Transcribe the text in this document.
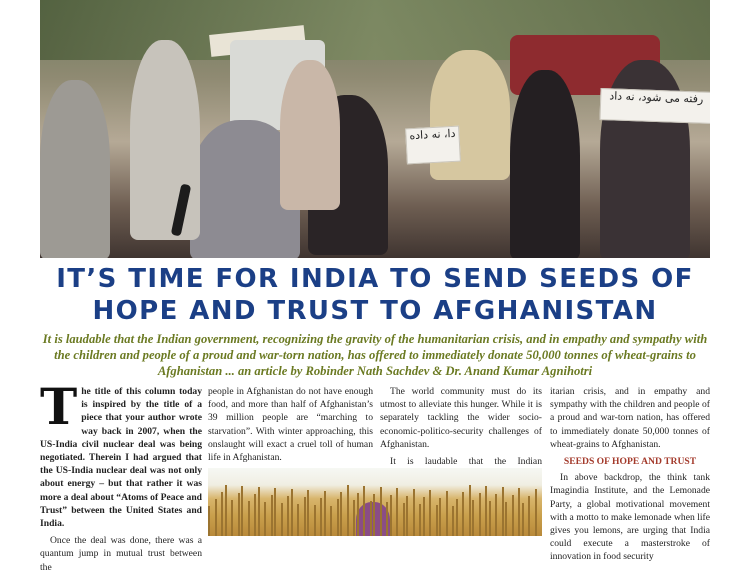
دا، نه داده
رفته می شود، نه داد
IT’S TIME FOR INDIA TO SEND SEEDS OF
HOPE AND TRUST TO AFGHANISTAN
It is laudable that the Indian government, recognizing the gravity of the humanitarian crisis, and in empathy and sympathy with the children and people of a proud and war-torn nation, has offered to immediately donate 50,000 tonnes of wheat-grains to Afghanistan ... an article by Robinder Nath Sachdev & Dr. Anand Kumar Agnihotri

The title of this column today is inspired by the title of a piece that your author wrote way back in 2007, when the US-India civil nuclear deal was being negotiated. Therein I had argued that the US-India nuclear deal was not only about energy – but that rather it was more a deal about “Atoms of Peace and Trust” between the United States and India.

Once the deal was done, there was a quantum jump in mutual trust between the

people in Afghanistan do not have enough food, and more than half of Afghanistan’s 39 million people are “marching to starvation”. With winter approaching, this onslaught will exact a cruel toll of human life in Afghanistan.

The world community must do its utmost to alleviate this hunger. While it is separately tackling the wider socio-economic-politico-security challenges of Afghanistan.

It is laudable that the Indian

itarian crisis, and in empathy and sympathy with the children and people of a proud and war-torn nation, has offered to immediately donate 50,000 tonnes of wheat-grains to Afghanistan.

SEEDS OF HOPE AND TRUST

In above backdrop, the think tank Imagindia Institute, and the Lemonade Party, a global motivational movement with a motto to make lemonade when life gives you lemons, are urging that India could execute a masterstroke of innovation in food security
